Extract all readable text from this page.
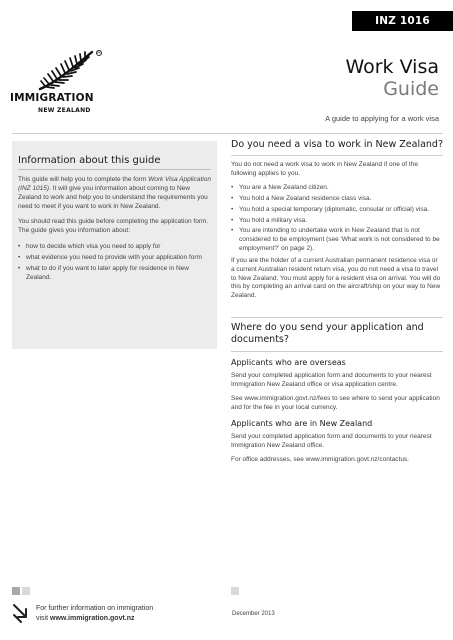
INZ 1016
R
IMMIGRATION
NEW ZEALAND
Work Visa
Guide
A guide to applying for a work visa
Information about this guide

This guide will help you to complete the form Work Visa Application (INZ 1015). It will give you information about coming to New Zealand to work and help you to understand the requirements you need to meet if you want to work in New Zealand.

You should read this guide before completing the application form. The guide gives you information about:

• how to decide which visa you need to apply for
• what evidence you need to provide with your application form
• what to do if you want to later apply for residence in New Zealand.
Do you need a visa to work in New Zealand?

You do not need a work visa to work in New Zealand if one of the following applies to you.

• You are a New Zealand citizen.
• You hold a New Zealand residence class visa.
• You hold a special temporary (diplomatic, consular or official) visa.
• You hold a military visa.
• You are intending to undertake work in New Zealand that is not considered to be employment (see 'What work is not considered to be employment?' on page 2).

If you are the holder of a current Australian permanent residence visa or a current Australian resident return visa, you do not need a visa to travel to New Zealand. You must apply for a resident visa on arrival. You will do this by completing an arrival card on the aircraft/ship on your way to New Zealand.

Where do you send your application and documents?
Applicants who are overseas

Send your completed application form and documents to your nearest Immigration New Zealand office or visa application centre.

See www.immigration.govt.nz/fees to see where to send your application and for the fee in your local currency.

Applicants who are in New Zealand

Send your completed application form and documents to your nearest Immigration New Zealand office.

For office addresses, see www.immigration.govt.nz/contactus.

For further information on immigration
visit www.immigration.govt.nz
December 2013
